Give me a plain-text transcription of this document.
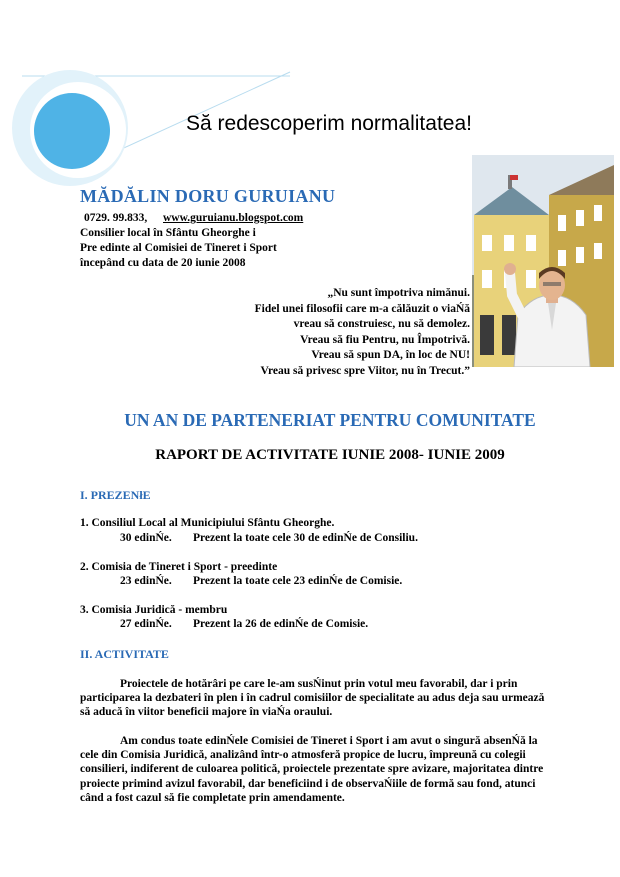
Să redescoperim normalitatea!
MĂDĂLIN DORU GURUIANU
0729. 99.833, www.guruianu.blogspot.com
Consilier local în Sfântu Gheorghe i
Pre edinte al Comisiei de Tineret i Sport
începând cu data de 20 iunie 2008
„Nu sunt împotriva nimănui.
Fidel unei filosofii care m-a călăuzit o viaŃă
vreau să construiesc, nu să demolez.
Vreau să fiu Pentru, nu Împotrivă.
Vreau să spun DA, în loc de NU!
Vreau să privesc spre Viitor, nu în Trecut.”
UN AN DE PARTENERIAT PENTRU COMUNITATE
RAPORT DE ACTIVITATE IUNIE 2008- IUNIE 2009
I. PREZENłE
1. Consiliul Local al Municipiului Sfântu Gheorghe.
30 edinŃe. Prezent la toate cele 30 de edinŃe de Consiliu.
2. Comisia de Tineret i Sport - preedinte
23 edinŃe. Prezent la toate cele 23 edinŃe de Comisie.
3. Comisia Juridică - membru
27 edinŃe. Prezent la 26 de edinŃe de Comisie.
II. ACTIVITATE

Proiectele de hotărâri pe care le-am susŃinut prin votul meu favorabil, dar i prin participarea la dezbateri în plen i în cadrul comisiilor de specialitate au adus deja sau urmează să aducă în viitor beneficii majore în viaŃa oraului.

Am condus toate edinŃele Comisiei de Tineret i Sport i am avut o singură absenŃă la cele din Comisia Juridică, analizând într-o atmosferă propice de lucru, împreună cu colegii consilieri, indiferent de culoarea politică, proiectele prezentate spre avizare, majoritatea dintre proiecte primind avizul favorabil, dar beneficiind i de observaŃiile de formă sau fond, atunci când a fost cazul să fie completate prin amendamente.
